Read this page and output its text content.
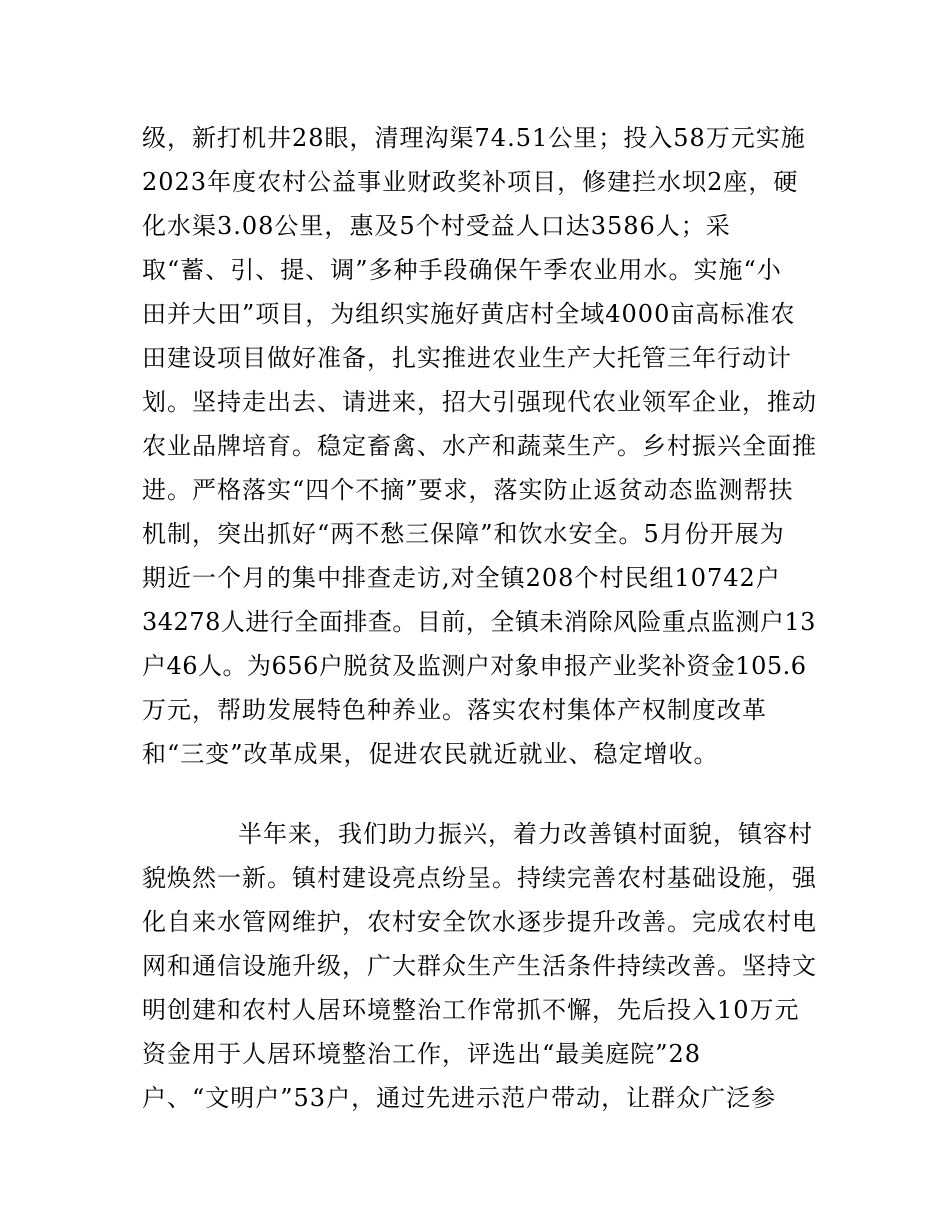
级，新打机井28眼，清理沟渠74.51公里；投入58万元实施
2023年度农村公益事业财政奖补项目，修建拦水坝2座，硬
化水渠3.08公里，惠及5个村受益人口达3586人；采
取“蓄、引、提、调”多种手段确保午季农业用水。实施“小
田并大田”项目，为组织实施好黄店村全域4000亩高标准农
田建设项目做好准备，扎实推进农业生产大托管三年行动计
划。坚持走出去、请进来，招大引强现代农业领军企业，推动
农业品牌培育。稳定畜禽、水产和蔬菜生产。乡村振兴全面推
进。严格落实“四个不摘”要求，落实防止返贫动态监测帮扶
机制，突出抓好“两不愁三保障”和饮水安全。5月份开展为
期近一个月的集中排查走访,对全镇208个村民组10742户
34278人进行全面排查。目前，全镇未消除风险重点监测户13
户46人。为656户脱贫及监测户对象申报产业奖补资金105.6
万元，帮助发展特色种养业。落实农村集体产权制度改革
和“三变”改革成果，促进农民就近就业、稳定增收。
半年来，我们助力振兴，着力改善镇村面貌，镇容村
貌焕然一新。镇村建设亮点纷呈。持续完善农村基础设施，强
化自来水管网维护，农村安全饮水逐步提升改善。完成农村电
网和通信设施升级，广大群众生产生活条件持续改善。坚持文
明创建和农村人居环境整治工作常抓不懈，先后投入10万元
资金用于人居环境整治工作，评选出“最美庭院”28
户、“文明户”53户，通过先进示范户带动，让群众广泛参
